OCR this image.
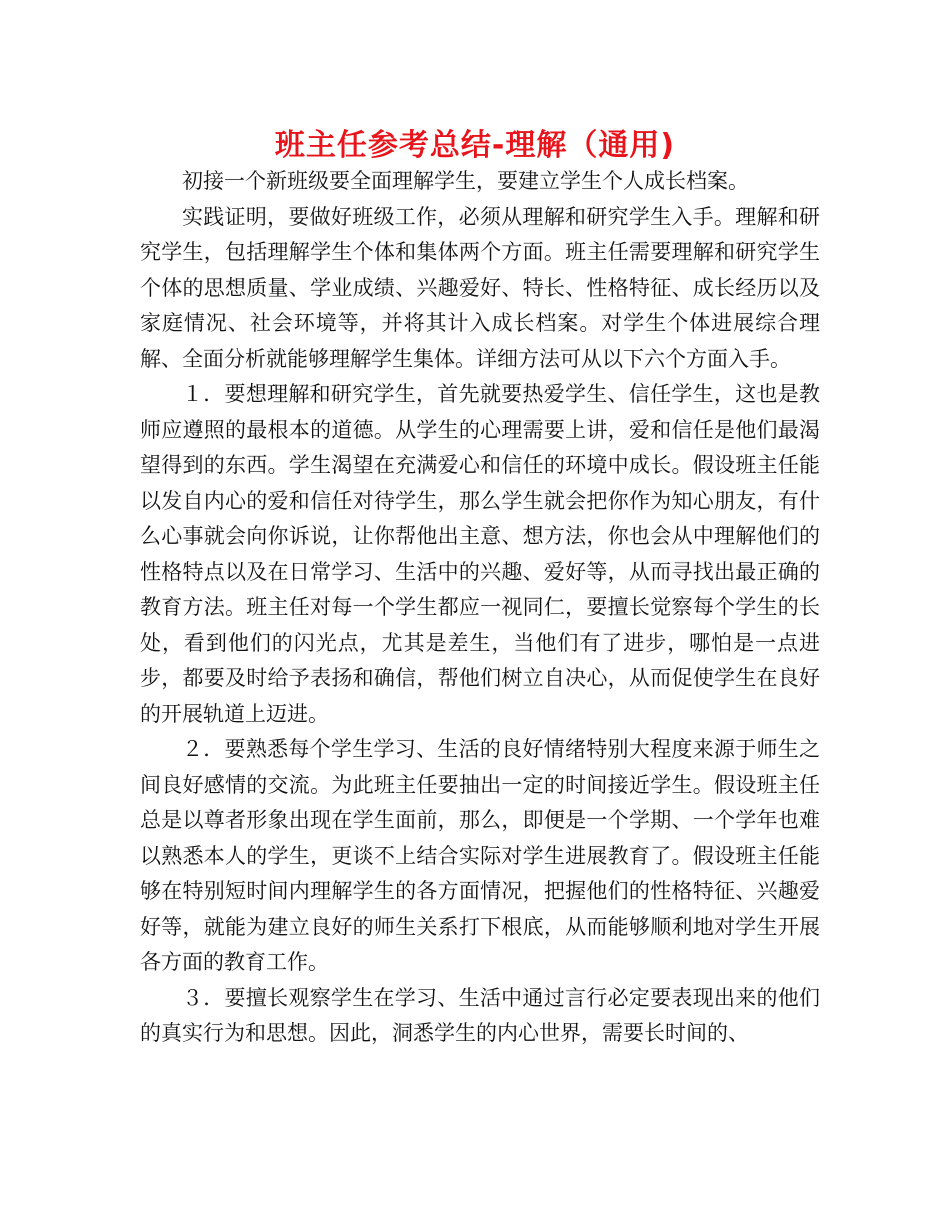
班主任参考总结-理解（通用)

初接一个新班级要全面理解学生，要建立学生个人成长档案。

实践证明，要做好班级工作，必须从理解和研究学生入手。理解和研究学生，包括理解学生个体和集体两个方面。班主任需要理解和研究学生个体的思想质量、学业成绩、兴趣爱好、特长、性格特征、成长经历以及家庭情况、社会环境等，并将其计入成长档案。对学生个体进展综合理解、全面分析就能够理解学生集体。详细方法可从以下六个方面入手。

１．要想理解和研究学生，首先就要热爱学生、信任学生，这也是教师应遵照的最根本的道德。从学生的心理需要上讲，爱和信任是他们最渴望得到的东西。学生渴望在充满爱心和信任的环境中成长。假设班主任能以发自内心的爱和信任对待学生，那么学生就会把你作为知心朋友，有什么心事就会向你诉说，让你帮他出主意、想方法，你也会从中理解他们的性格特点以及在日常学习、生活中的兴趣、爱好等，从而寻找出最正确的教育方法。班主任对每一个学生都应一视同仁，要擅长觉察每个学生的长处，看到他们的闪光点，尤其是差生，当他们有了进步，哪怕是一点进步，都要及时给予表扬和确信，帮他们树立自决心，从而促使学生在良好的开展轨道上迈进。

２．要熟悉每个学生学习、生活的良好情绪特别大程度来源于师生之间良好感情的交流。为此班主任要抽出一定的时间接近学生。假设班主任总是以尊者形象出现在学生面前，那么，即便是一个学期、一个学年也难以熟悉本人的学生，更谈不上结合实际对学生进展教育了。假设班主任能够在特别短时间内理解学生的各方面情况，把握他们的性格特征、兴趣爱好等，就能为建立良好的师生关系打下根底，从而能够顺利地对学生开展各方面的教育工作。

３．要擅长观察学生在学习、生活中通过言行必定要表现出来的他们的真实行为和思想。因此，洞悉学生的内心世界，需要长时间的、
